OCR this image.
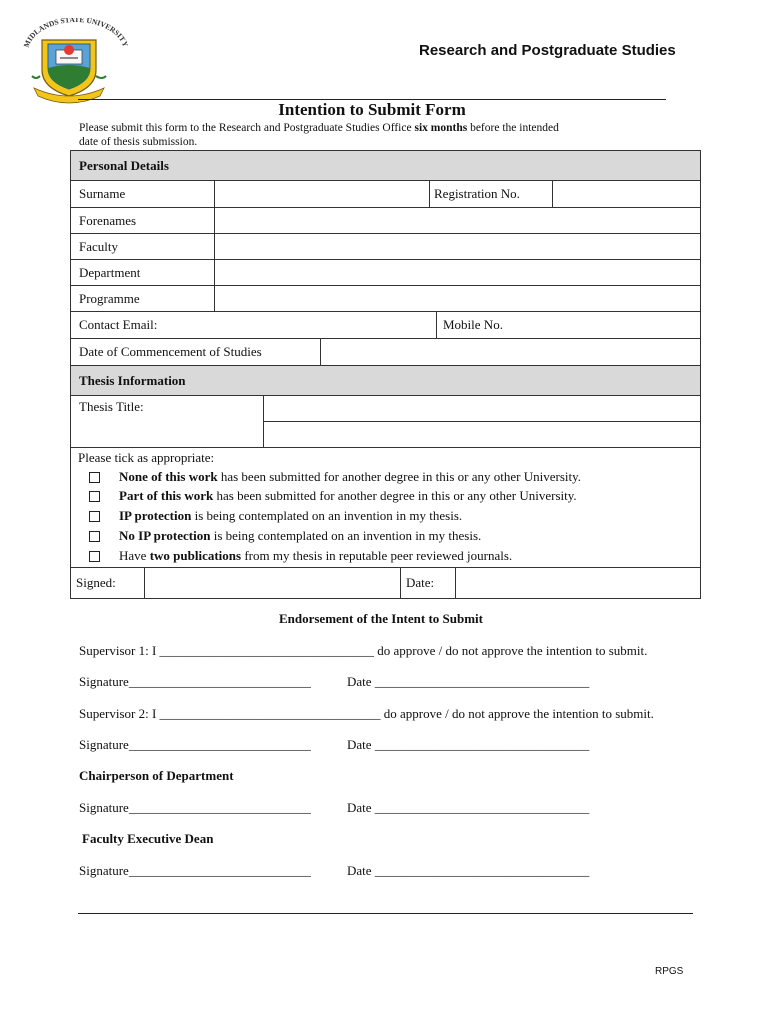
MIDLANDS STATE UNIVERSITY	Research and Postgraduate Studies
Intention to Submit Form
Please submit this form to the Research and Postgraduate Studies Office six months before the intended
date of thesis submission.
Personal Details
Surname	Registration No.
Forenames
Faculty
Department
Programme
Contact Email:	Mobile No.
Date of Commencement of Studies
Thesis Information
Thesis Title:
Please tick as appropriate:
None of this work has been submitted for another degree in this or any other University.
Part of this work has been submitted for another degree in this or any other University.
IP protection is being contemplated on an invention in my thesis.
No IP protection is being contemplated on an invention in my thesis.
Have two publications from my thesis in reputable peer reviewed journals.
Signed:	Date:
Endorsement of the Intent to Submit
Supervisor 1: I _________________________________ do approve / do not approve the intention to submit.
Signature____________________________	Date _________________________________
Supervisor 2: I __________________________________ do approve / do not approve the intention to submit.
Signature____________________________	Date _________________________________
Chairperson of Department
Signature____________________________	Date _________________________________
Faculty Executive Dean
Signature____________________________	Date _________________________________
RPGS
